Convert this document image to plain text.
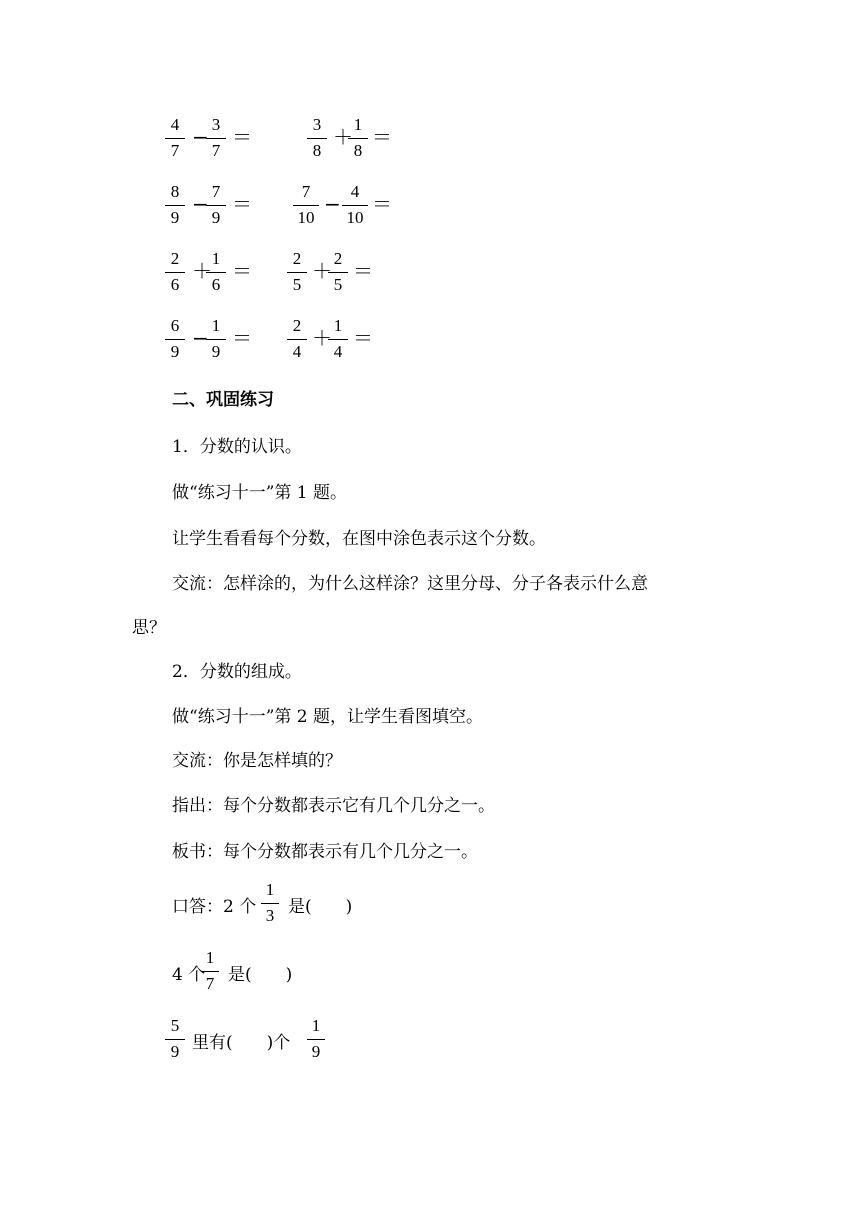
4
7
−
3
7
＝
3
8
＋
1
8
＝
8
9
−
7
9
＝
7
10
−
4
10
＝
2
6
＋
1
6
＝
2
5
＋
2
5
＝
6
9
−
1
9
＝
2
4
＋
1
4
＝
二、巩固练习
1．分数的认识。
做“练习十一”第 1 题。
让学生看看每个分数，在图中涂色表示这个分数。
交流：怎样涂的，为什么这样涂？这里分母、分子各表示什么意
思？
2．分数的组成。
做“练习十一”第 2 题，让学生看图填空。
交流：你是怎样填的？
指出：每个分数都表示它有几个几分之一。
板书：每个分数都表示有几个几分之一。
口答：2 个
1
3 是(　　)
4 个
1
7 是(　　)
5
9 里有(　　)个
1
9
